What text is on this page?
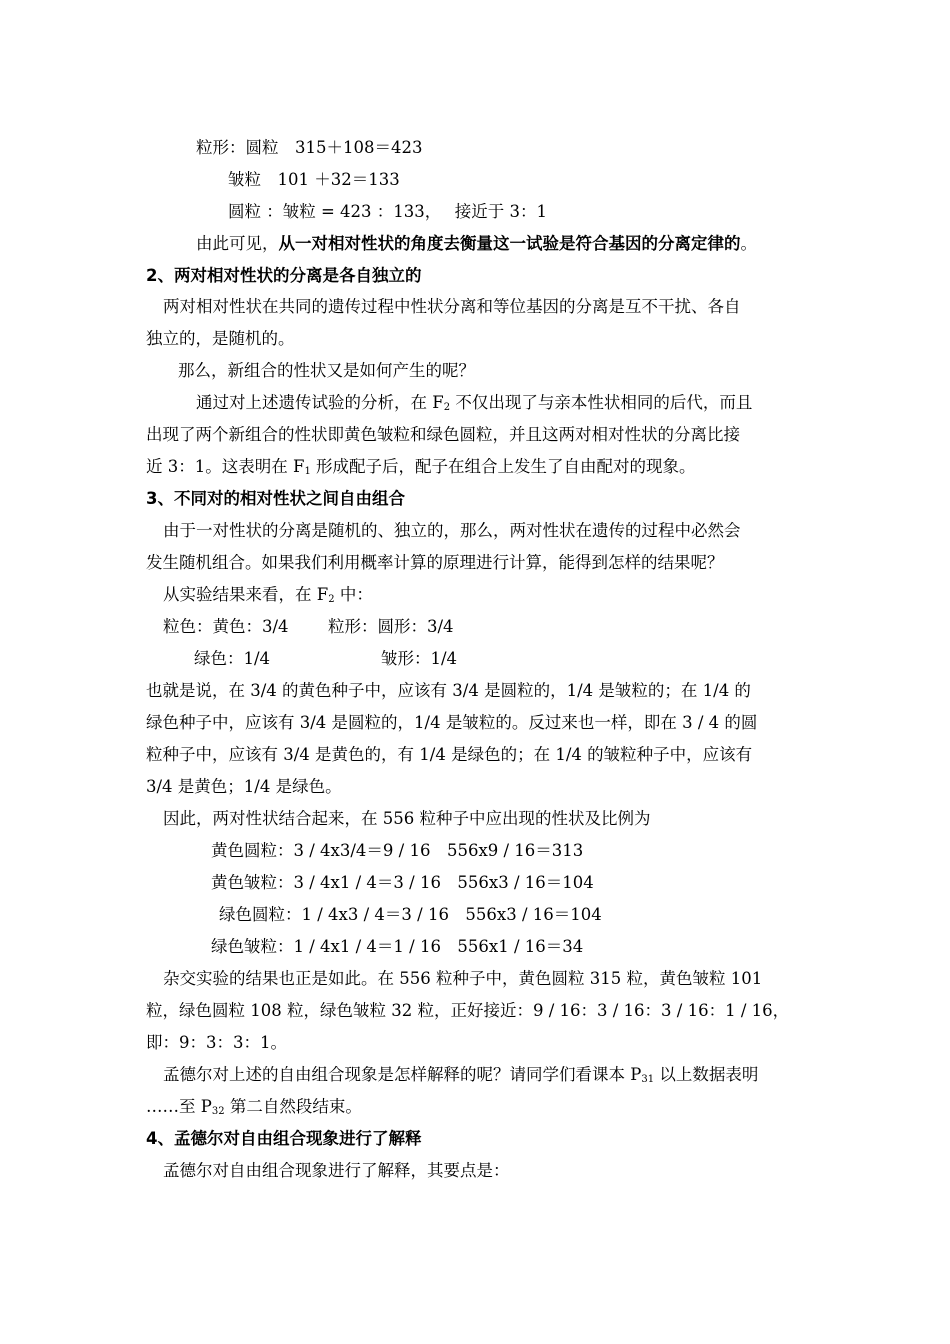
粒形：圆粒　315＋108＝423
皱粒　101 ＋32＝133
圆粒 ：皱粒 = 423 ：133，　 接近于 3：1
由此可见，从一对相对性状的角度去衡量这一试验是符合基因的分离定律的。
2、两对相对性状的分离是各自独立的
两对相对性状在共同的遗传过程中性状分离和等位基因的分离是互不干扰、各自
独立的，是随机的。
那么，新组合的性状又是如何产生的呢？
通过对上述遗传试验的分析，在 $F_2$ 不仅出现了与亲本性状相同的后代，而且
出现了两个新组合的性状即黄色皱粒和绿色圆粒，并且这两对相对性状的分离比接
近 3：1。这表明在 $F_1$ 形成配子后，配子在组合上发生了自由配对的现象。
3、不同对的相对性状之间自由组合
由于一对性状的分离是随机的、独立的，那么，两对性状在遗传的过程中必然会
发生随机组合。如果我们利用概率计算的原理进行计算，能得到怎样的结果呢？
从实验结果来看，在 $F_2$ 中：
粒色：黄色：3/4 粒形：圆形：3/4
绿色：1/4	皱形：1/4
也就是说，在 3/4 的黄色种子中，应该有 3/4 是圆粒的，1/4 是皱粒的；在 1/4 的
绿色种子中，应该有 3/4 是圆粒的，1/4 是皱粒的。反过来也一样，即在 3 / 4 的圆
粒种子中，应该有 3/4 是黄色的，有 1/4 是绿色的；在 1/4 的皱粒种子中，应该有
3/4 是黄色；1/4 是绿色。
因此，两对性状结合起来，在 556 粒种子中应出现的性状及比例为
黄色圆粒：3 / 4x3/4＝9 / 16　556x9 / 16＝313
黄色皱粒：3 / 4x1 / 4＝3 / 16　556x3 / 16＝104
绿色圆粒：1 / 4x3 / 4＝3 / 16　556x3 / 16＝104
绿色皱粒：1 / 4x1 / 4＝1 / 16　556x1 / 16＝34
杂交实验的结果也正是如此。在 556 粒种子中，黄色圆粒 315 粒，黄色皱粒 101
粒，绿色圆粒 108 粒，绿色皱粒 32 粒，正好接近：9 / 16：3 / 16：3 / 16：1 / 16，
即：9：3：3：1。
孟德尔对上述的自由组合现象是怎样解释的呢？请同学们看课本 $P_{31}$ 以上数据表明
……至 $P_{32}$ 第二自然段结束。
4、孟德尔对自由组合现象进行了解释
孟德尔对自由组合现象进行了解释，其要点是：
